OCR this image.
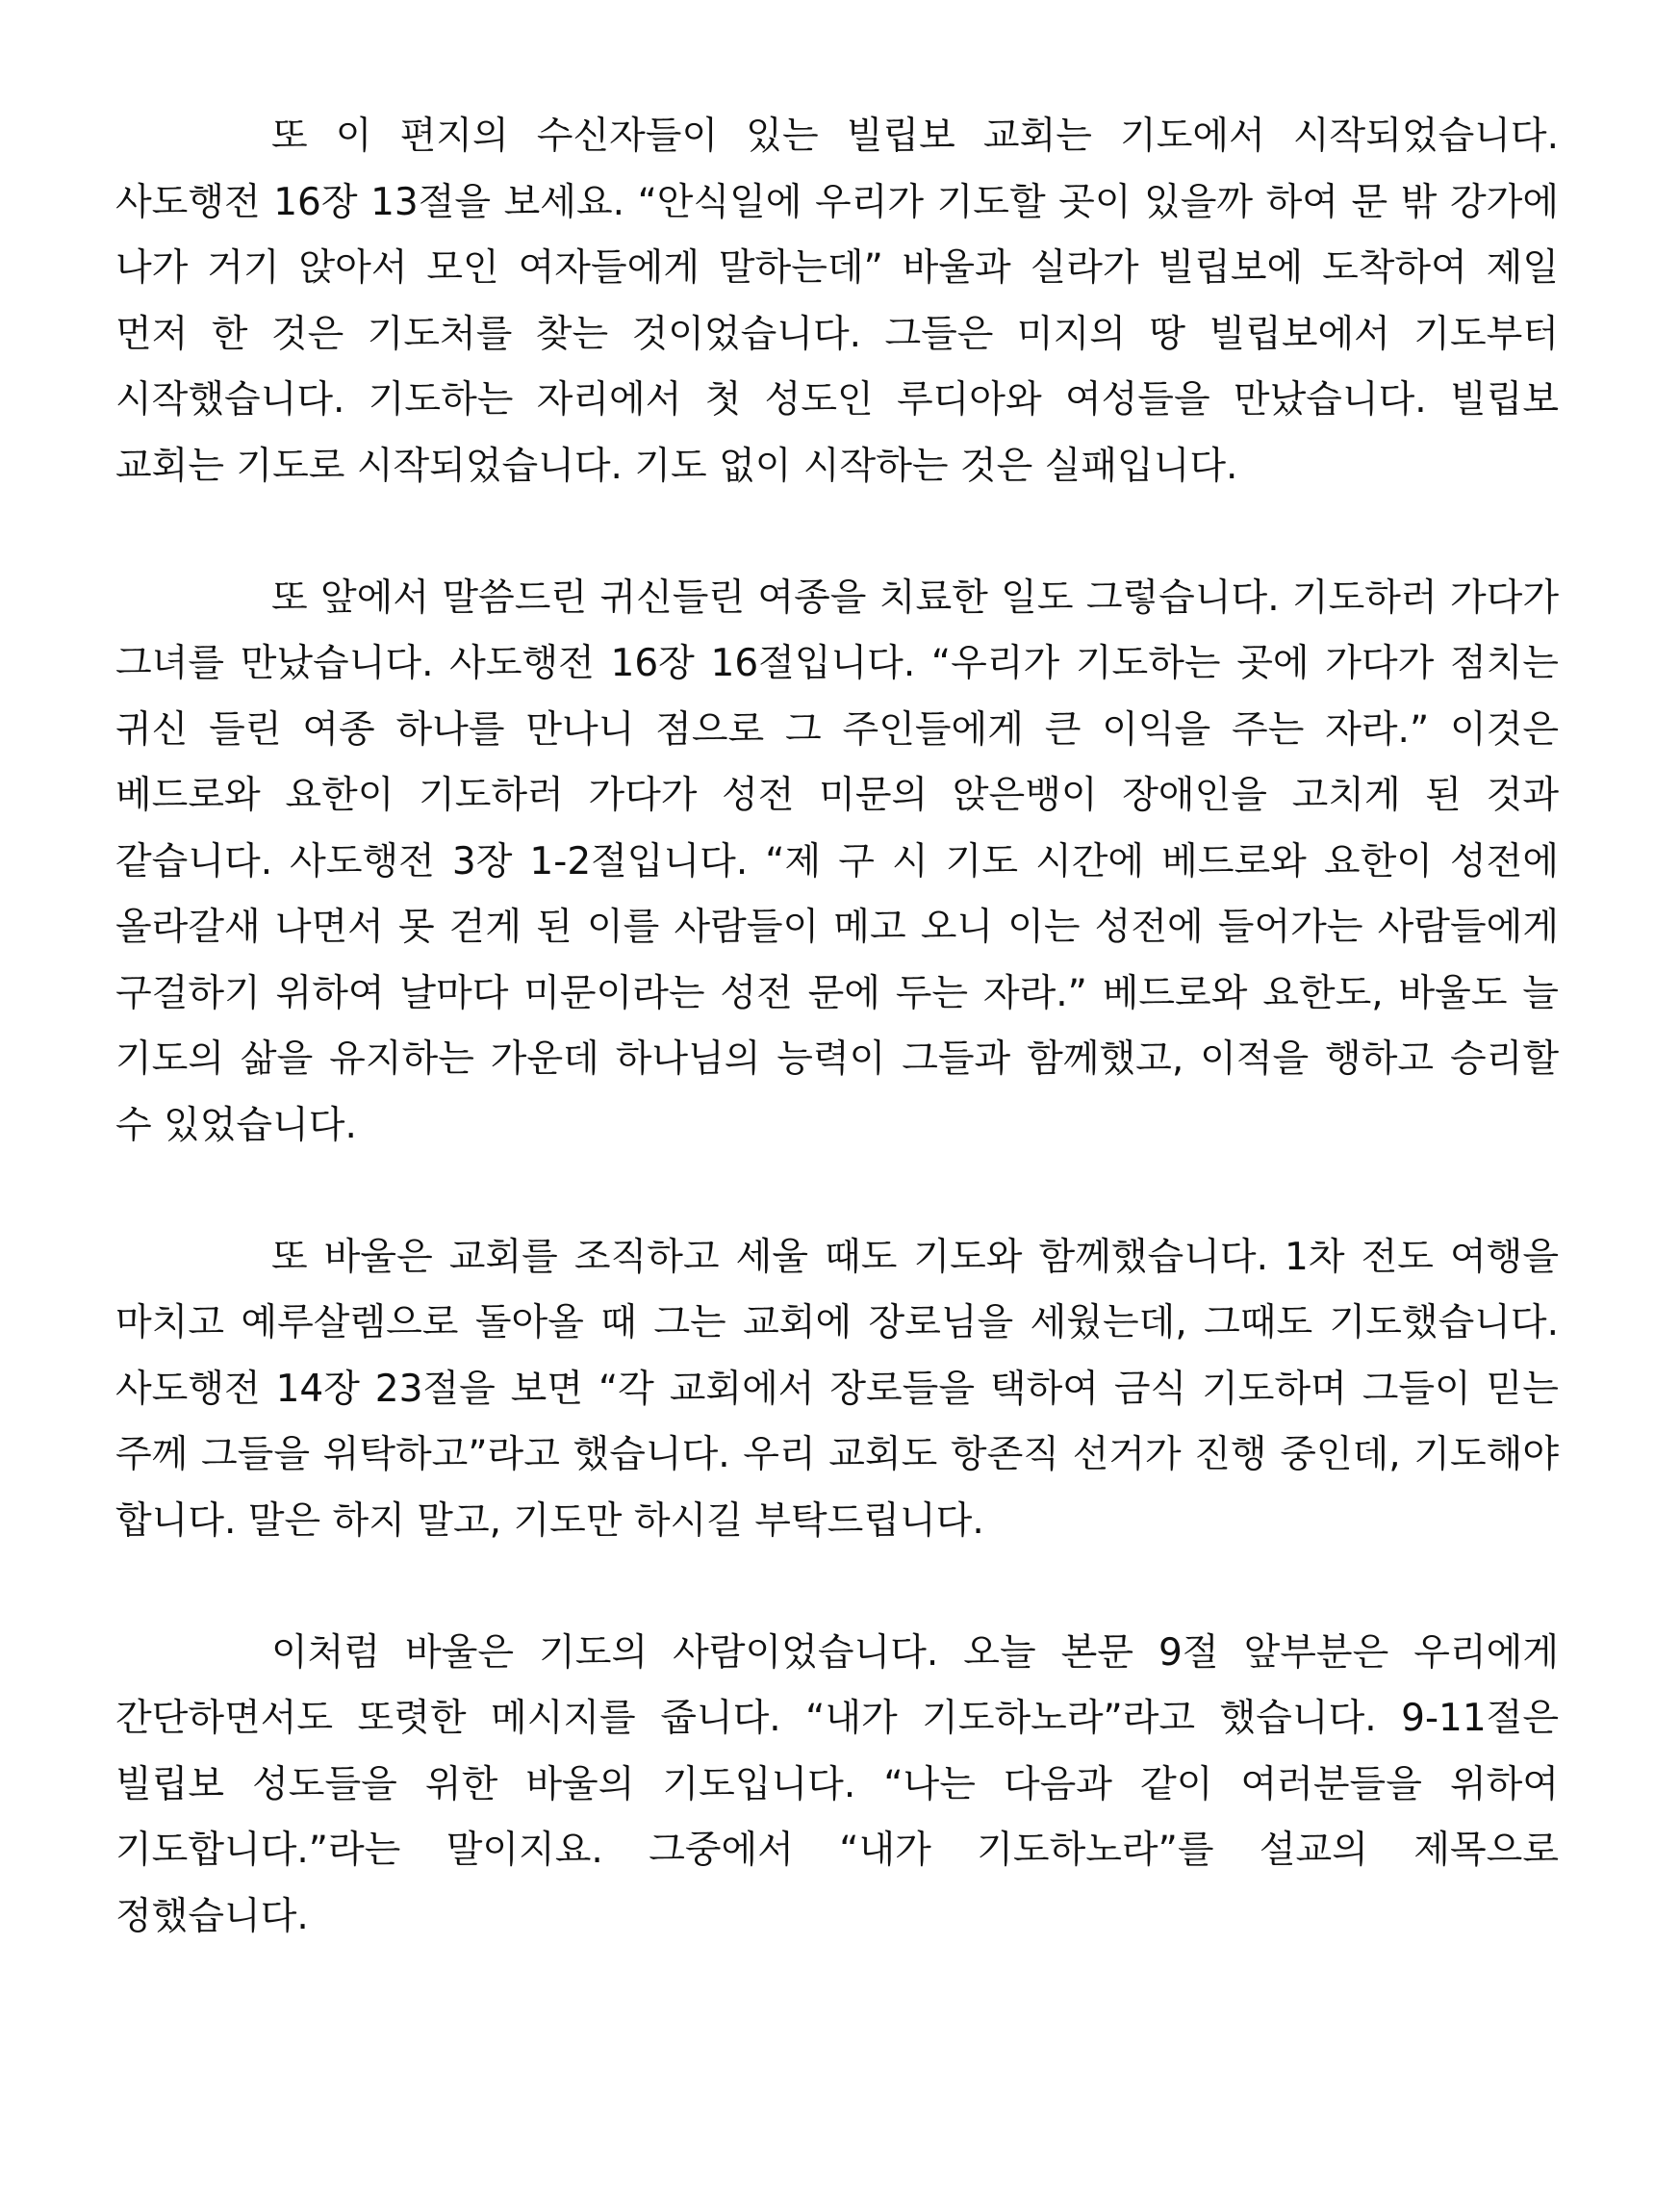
또 이 편지의 수신자들이 있는 빌립보 교회는 기도에서 시작되었습니다. 사도행전 16장 13절을 보세요. “안식일에 우리가 기도할 곳이 있을까 하여 문 밖 강가에 나가 거기 앉아서 모인 여자들에게 말하는데” 바울과 실라가 빌립보에 도착하여 제일 먼저 한 것은 기도처를 찾는 것이었습니다. 그들은 미지의 땅 빌립보에서 기도부터 시작했습니다. 기도하는 자리에서 첫 성도인 루디아와 여성들을 만났습니다. 빌립보 교회는 기도로 시작되었습니다. 기도 없이 시작하는 것은 실패입니다.

또 앞에서 말씀드린 귀신들린 여종을 치료한 일도 그렇습니다. 기도하러 가다가 그녀를 만났습니다. 사도행전 16장 16절입니다. “우리가 기도하는 곳에 가다가 점치는 귀신 들린 여종 하나를 만나니 점으로 그 주인들에게 큰 이익을 주는 자라.” 이것은 베드로와 요한이 기도하러 가다가 성전 미문의 앉은뱅이 장애인을 고치게 된 것과 같습니다. 사도행전 3장 1-2절입니다. “제 구 시 기도 시간에 베드로와 요한이 성전에 올라갈새 나면서 못 걷게 된 이를 사람들이 메고 오니 이는 성전에 들어가는 사람들에게 구걸하기 위하여 날마다 미문이라는 성전 문에 두는 자라.” 베드로와 요한도, 바울도 늘 기도의 삶을 유지하는 가운데 하나님의 능력이 그들과 함께했고, 이적을 행하고 승리할 수 있었습니다.

또 바울은 교회를 조직하고 세울 때도 기도와 함께했습니다. 1차 전도 여행을 마치고 예루살렘으로 돌아올 때 그는 교회에 장로님을 세웠는데, 그때도 기도했습니다. 사도행전 14장 23절을 보면 “각 교회에서 장로들을 택하여 금식 기도하며 그들이 믿는 주께 그들을 위탁하고”라고 했습니다. 우리 교회도 항존직 선거가 진행 중인데, 기도해야 합니다. 말은 하지 말고, 기도만 하시길 부탁드립니다.

이처럼 바울은 기도의 사람이었습니다. 오늘 본문 9절 앞부분은 우리에게 간단하면서도 또렷한 메시지를 줍니다. “내가 기도하노라”라고 했습니다. 9-11절은 빌립보 성도들을 위한 바울의 기도입니다. “나는 다음과 같이 여러분들을 위하여 기도합니다.”라는 말이지요. 그중에서 “내가 기도하노라”를 설교의 제목으로 정했습니다.
